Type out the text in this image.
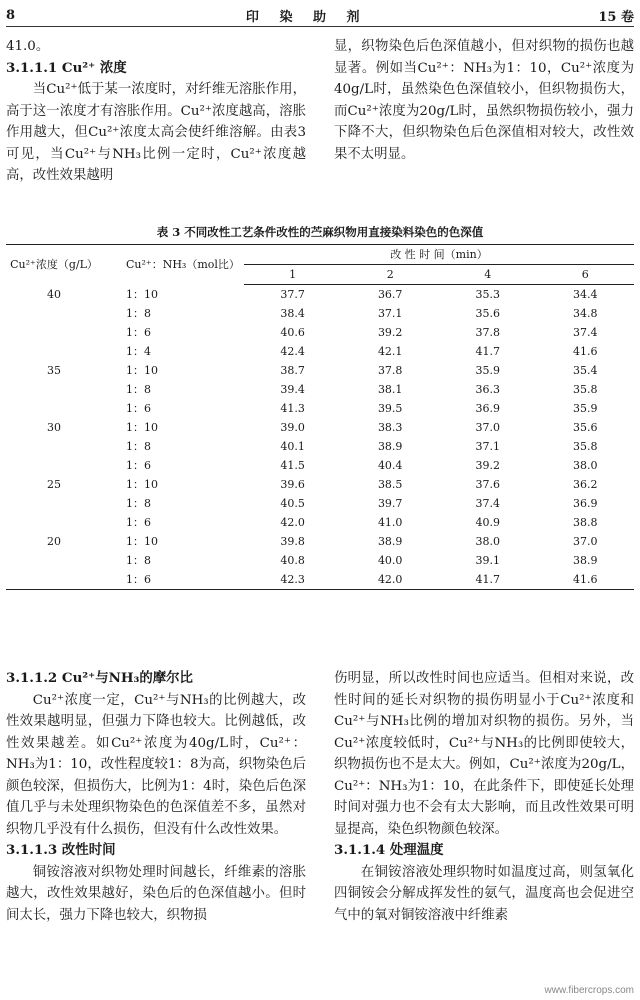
8	印 染 助 剂	15 卷

41.0。

3.1.1.1 Cu²⁺ 浓度

当Cu²⁺低于某一浓度时，对纤维无溶胀作用，高于这一浓度才有溶胀作用。Cu²⁺浓度越高，溶胀作用越大，但Cu²⁺浓度太高会使纤维溶解。由表3可见，当Cu²⁺与NH₃比例一定时，Cu²⁺浓度越高，改性效果越明

显，织物染色后色深值越小，但对织物的损伤也越显著。例如当Cu²⁺：NH₃为1：10，Cu²⁺浓度为40g/L时，虽然染色色深值较小，但织物损伤大，而Cu²⁺浓度为20g/L时，虽然织物损伤较小，强力下降不大，但织物染色后色深值相对较大，改性效果不太明显。

表 3 不同改性工艺条件改性的苎麻织物用直接染料染色的色深值
Cu²⁺浓度（g/L）	Cu²⁺：NH₃（mol比）	改 性 时 间（min）			
		1	2	4	6
40	1：10	37.7	36.7	35.3	34.4
	1：8	38.4	37.1	35.6	34.8
	1：6	40.6	39.2	37.8	37.4
	1：4	42.4	42.1	41.7	41.6
35	1：10	38.7	37.8	35.9	35.4
	1：8	39.4	38.1	36.3	35.8
	1：6	41.3	39.5	36.9	35.9
30	1：10	39.0	38.3	37.0	35.6
	1：8	40.1	38.9	37.1	35.8
	1：6	41.5	40.4	39.2	38.0
25	1：10	39.6	38.5	37.6	36.2
	1：8	40.5	39.7	37.4	36.9
	1：6	42.0	41.0	40.9	38.8
20	1：10	39.8	38.9	38.0	37.0
	1：8	40.8	40.0	39.1	38.9
	1：6	42.3	42.0	41.7	41.6

3.1.1.2 Cu²⁺与NH₃的摩尔比

Cu²⁺浓度一定，Cu²⁺与NH₃的比例越大，改性效果越明显，但强力下降也较大。比例越低，改性效果越差。如Cu²⁺浓度为40g/L时，Cu²⁺：NH₃为1：10，改性程度较1：8为高，织物染色后颜色较深，但损伤大，比例为1：4时，染色后色深值几乎与未处理织物染色的色深值差不多，虽然对织物几乎没有什么损伤，但没有什么改性效果。

3.1.1.3 改性时间

铜铵溶液对织物处理时间越长，纤维素的溶胀越大，改性效果越好，染色后的色深值越小。但时间太长，强力下降也较大，织物损

伤明显，所以改性时间也应适当。但相对来说，改性时间的延长对织物的损伤明显小于Cu²⁺浓度和Cu²⁺与NH₃比例的增加对织物的损伤。另外，当Cu²⁺浓度较低时，Cu²⁺与NH₃的比例即使较大，织物损伤也不是太大。例如，Cu²⁺浓度为20g/L，Cu²⁺：NH₃为1：10，在此条件下，即使延长处理时间对强力也不会有太大影响，而且改性效果可明显提高，染色织物颜色较深。

3.1.1.4 处理温度

在铜铵溶液处理织物时如温度过高，则氢氧化四铜铵会分解成挥发性的氨气，温度高也会促进空气中的氧对铜铵溶液中纤维素

www.fibercrops.com
